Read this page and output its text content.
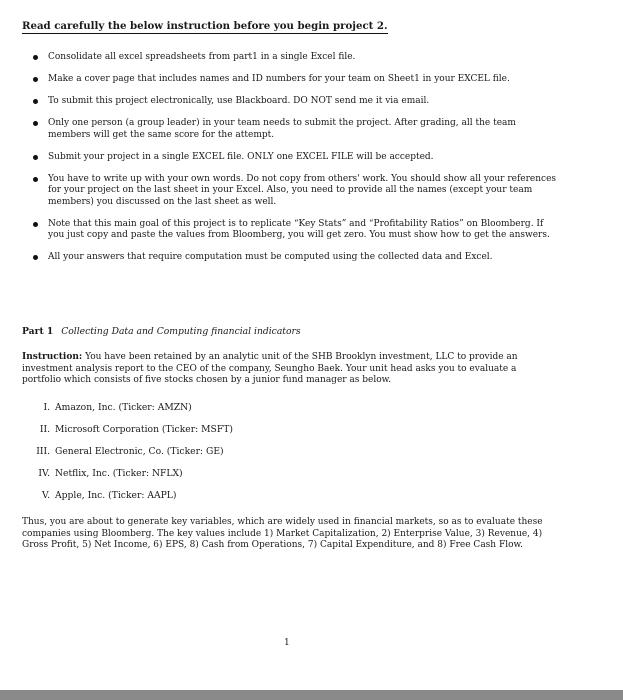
Read carefully the below instruction before you begin project 2.
Consolidate all excel spreadsheets from part1 in a single Excel file.
Make a cover page that includes names and ID numbers for your team on Sheet1 in your EXCEL file.
To submit this project electronically, use Blackboard. DO NOT send me it via email.
Only one person (a group leader) in your team needs to submit the project. After grading, all the team members will get the same score for the attempt.
Submit your project in a single EXCEL file. ONLY one EXCEL FILE will be accepted.
You have to write up with your own words. Do not copy from others' work. You should show all your references for your project on the last sheet in your Excel. Also, you need to provide all the names (except your team members) you discussed on the last sheet as well.
Note that this main goal of this project is to replicate “Key Stats” and “Profitability Ratios” on Bloomberg. If you just copy and paste the values from Bloomberg, you will get zero. You must show how to get the answers.
All your answers that require computation must be computed using the collected data and Excel.
Part 1 Collecting Data and Computing financial indicators

Instruction: You have been retained by an analytic unit of the SHB Brooklyn investment, LLC to provide an investment analysis report to the CEO of the company, Seungho Baek. Your unit head asks you to evaluate a portfolio which consists of five stocks chosen by a junior fund manager as below.

I. Amazon, Inc. (Ticker: AMZN)
II. Microsoft Corporation (Ticker: MSFT)
III. General Electronic, Co. (Ticker: GE)
IV. Netflix, Inc. (Ticker: NFLX)
V. Apple, Inc. (Ticker: AAPL)

Thus, you are about to generate key variables, which are widely used in financial markets, so as to evaluate these companies using Bloomberg. The key values include 1) Market Capitalization, 2) Enterprise Value, 3) Revenue, 4) Gross Profit, 5) Net Income, 6) EPS, 8) Cash from Operations, 7) Capital Expenditure, and 8) Free Cash Flow.

1
